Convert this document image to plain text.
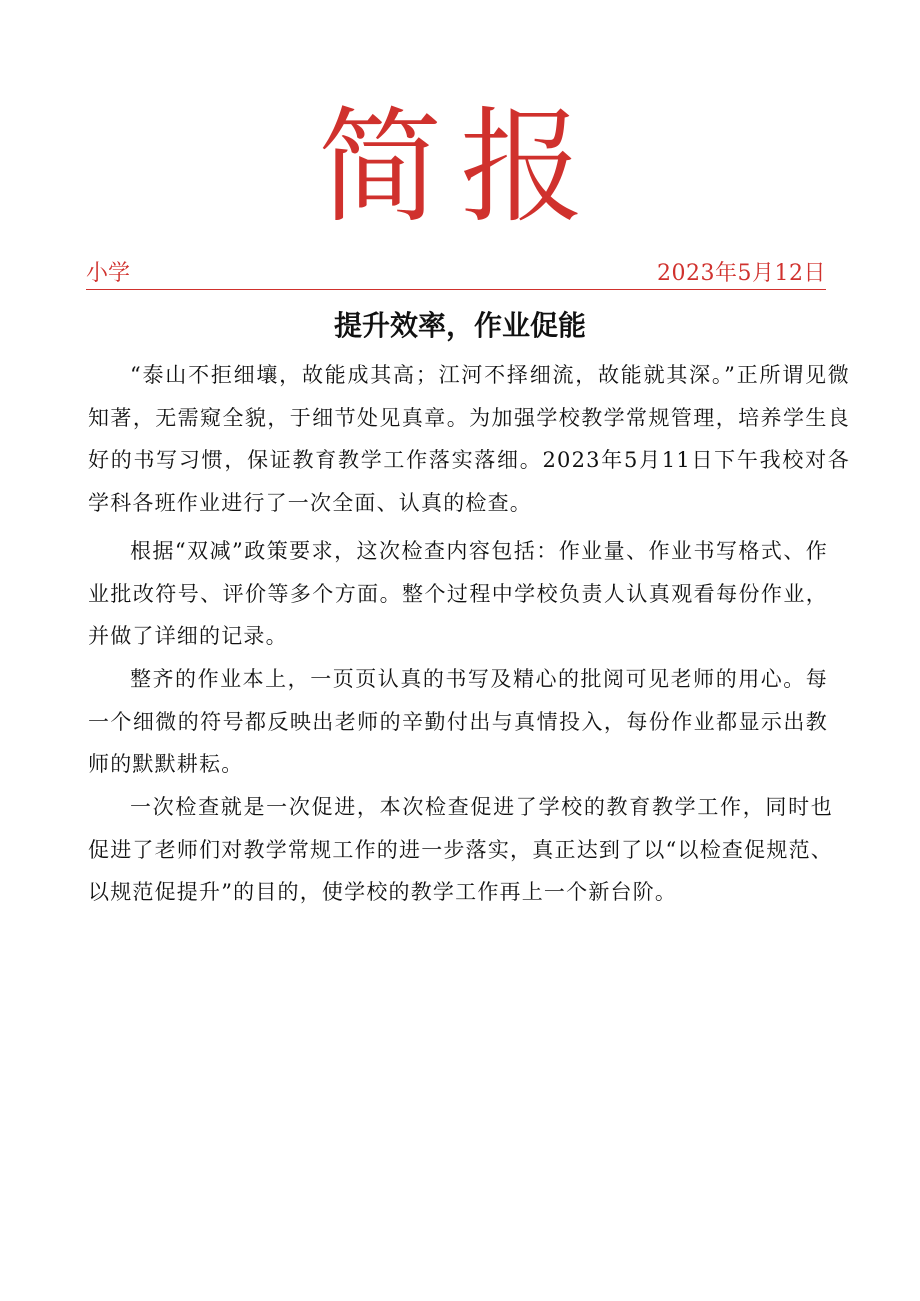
简报
小学	2023年5月12日
提升效率，作业促能

“泰山不拒细壤，故能成其高；江河不择细流，故能就其深。”正所谓见微知著，无需窥全貌，于细节处见真章。为加强学校教学常规管理，培养学生良好的书写习惯，保证教育教学工作落实落细。2023年5月11日下午我校对各学科各班作业进行了一次全面、认真的检查。

根据“双减”政策要求，这次检查内容包括：作业量、作业书写格式、作业批改符号、评价等多个方面。整个过程中学校负责人认真观看每份作业，并做了详细的记录。

整齐的作业本上，一页页认真的书写及精心的批阅可见老师的用心。每一个细微的符号都反映出老师的辛勤付出与真情投入，每份作业都显示出教师的默默耕耘。

一次检查就是一次促进，本次检查促进了学校的教育教学工作，同时也促进了老师们对教学常规工作的进一步落实，真正达到了以“以检查促规范、以规范促提升”的目的，使学校的教学工作再上一个新台阶。
